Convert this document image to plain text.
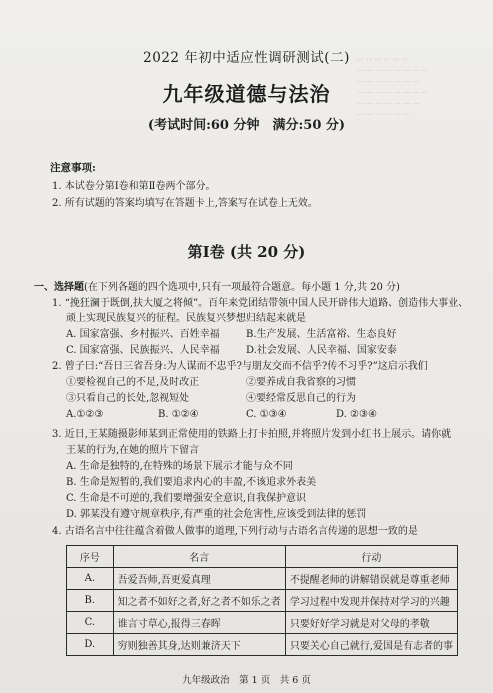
▭ ▭ ▭ ▭ ▭ ▭
— — — — — — — —
— — — — — — —
— — — — — — — —
— — — — — — —
— — — — — —
2022 年初中适应性调研测试(二)
九年级道德与法治
(考试时间:60 分钟　满分:50 分)
注意事项:
1. 本试卷分第Ⅰ卷和第Ⅱ卷两个部分。
2. 所有试题的答案均填写在答题卡上,答案写在试卷上无效。
第Ⅰ卷 (共 20 分)
一、选择题(在下列各题的四个选项中,只有一项最符合题意。每小题 1 分,共 20 分)
1. “挽狂澜于既倒,扶大厦之将倾”。百年来党团结带领中国人民开辟伟大道路、创造伟大事业、
顽上实现民族复兴的征程。民族复兴梦想归结起来就是
A. 国家富强、乡村振兴、百姓幸福	B.生产发展、生活富裕、生态良好
C. 国家富强、民族振兴、人民幸福	D.社会发展、人民幸福、国家安泰
2. 曾子曰:“吾日三省吾身:为人谋而不忠乎?与朋友交而不信乎?传不习乎?”这启示我们
①要检视自己的不足,及时改正	②要养成自我省察的习惯
③只看自己的长处,忽视短处	④要经常反思自己的行为
A.①②③	B. ①②④	C. ①③④	D. ②③④
3. 近日,王某随摄影师某到正常使用的铁路上打卡拍照,并将照片发到小红书上展示。请你就
王某的行为,在她的照片下留言
A. 生命是独特的,在特殊的场景下展示才能与众不同
B. 生命是短暂的,我们要追求内心的丰盈,不该追求外表美
C. 生命是不可逆的,我们要增强安全意识,自我保护意识
D. 郭某没有遵守规章秩序,有严重的社会危害性,应该受到法律的惩罚
4. 古语名言中往往蕴含着做人做事的道理,下列行动与古语名言传递的思想一致的是
序号	名言	行动
A.	吾爱吾师,吾更爱真理	不提醒老师的讲解错误就是尊重老师
B.	知之者不如好之者,好之者不如乐之者	学习过程中发现并保持对学习的兴趣
C.	谁言寸草心,报得三春晖	只要好好学习就是对父母的孝敬
D.	穷则独善其身,达则兼济天下	只要关心自己就行,爱国是有志者的事
九年级政治　第 1 页　共 6 页
